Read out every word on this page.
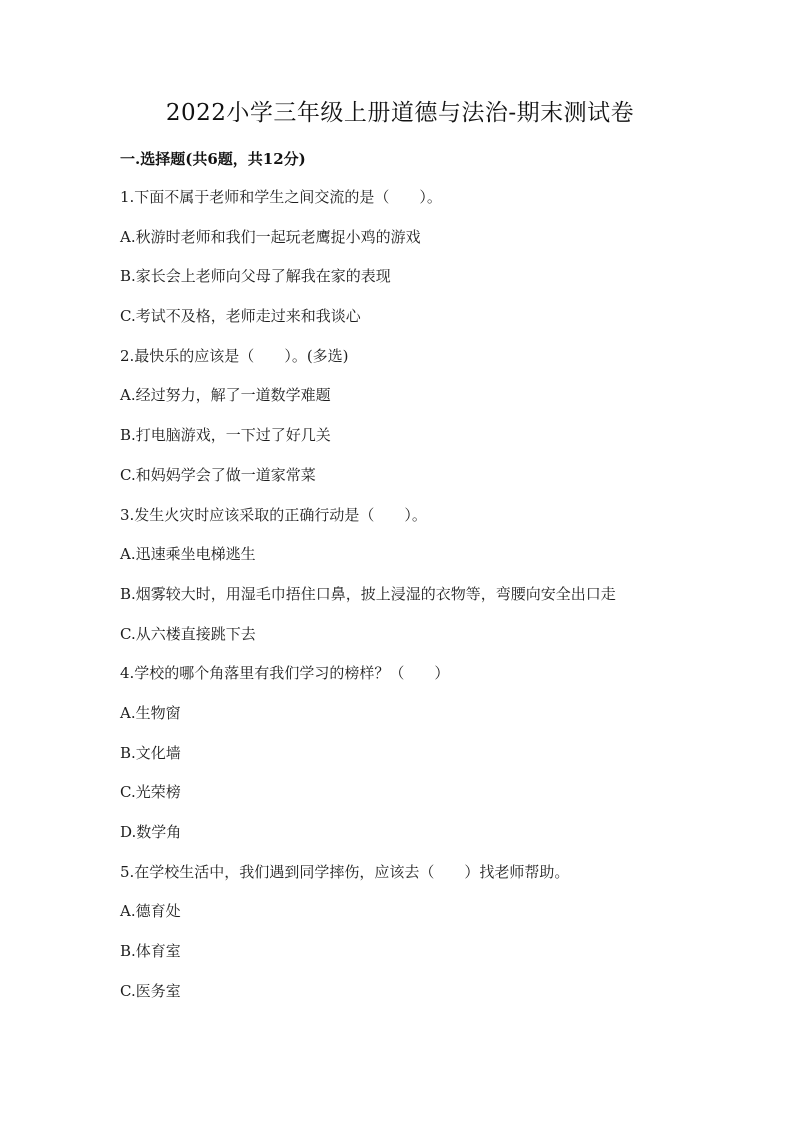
2022小学三年级上册道德与法治-期末测试卷
一.选择题(共6题，共12分)
1.下面不属于老师和学生之间交流的是（　　）。
A.秋游时老师和我们一起玩老鹰捉小鸡的游戏
B.家长会上老师向父母了解我在家的表现
C.考试不及格，老师走过来和我谈心
2.最快乐的应该是（　　）。(多选)
A.经过努力，解了一道数学难题
B.打电脑游戏，一下过了好几关
C.和妈妈学会了做一道家常菜
3.发生火灾时应该采取的正确行动是（　　）。
A.迅速乘坐电梯逃生
B.烟雾较大时，用湿毛巾捂住口鼻，披上浸湿的衣物等，弯腰向安全出口走
C.从六楼直接跳下去
4.学校的哪个角落里有我们学习的榜样？（　　）
A.生物窗
B.文化墙
C.光荣榜
D.数学角
5.在学校生活中，我们遇到同学摔伤，应该去（　　）找老师帮助。
A.德育处
B.体育室
C.医务室
